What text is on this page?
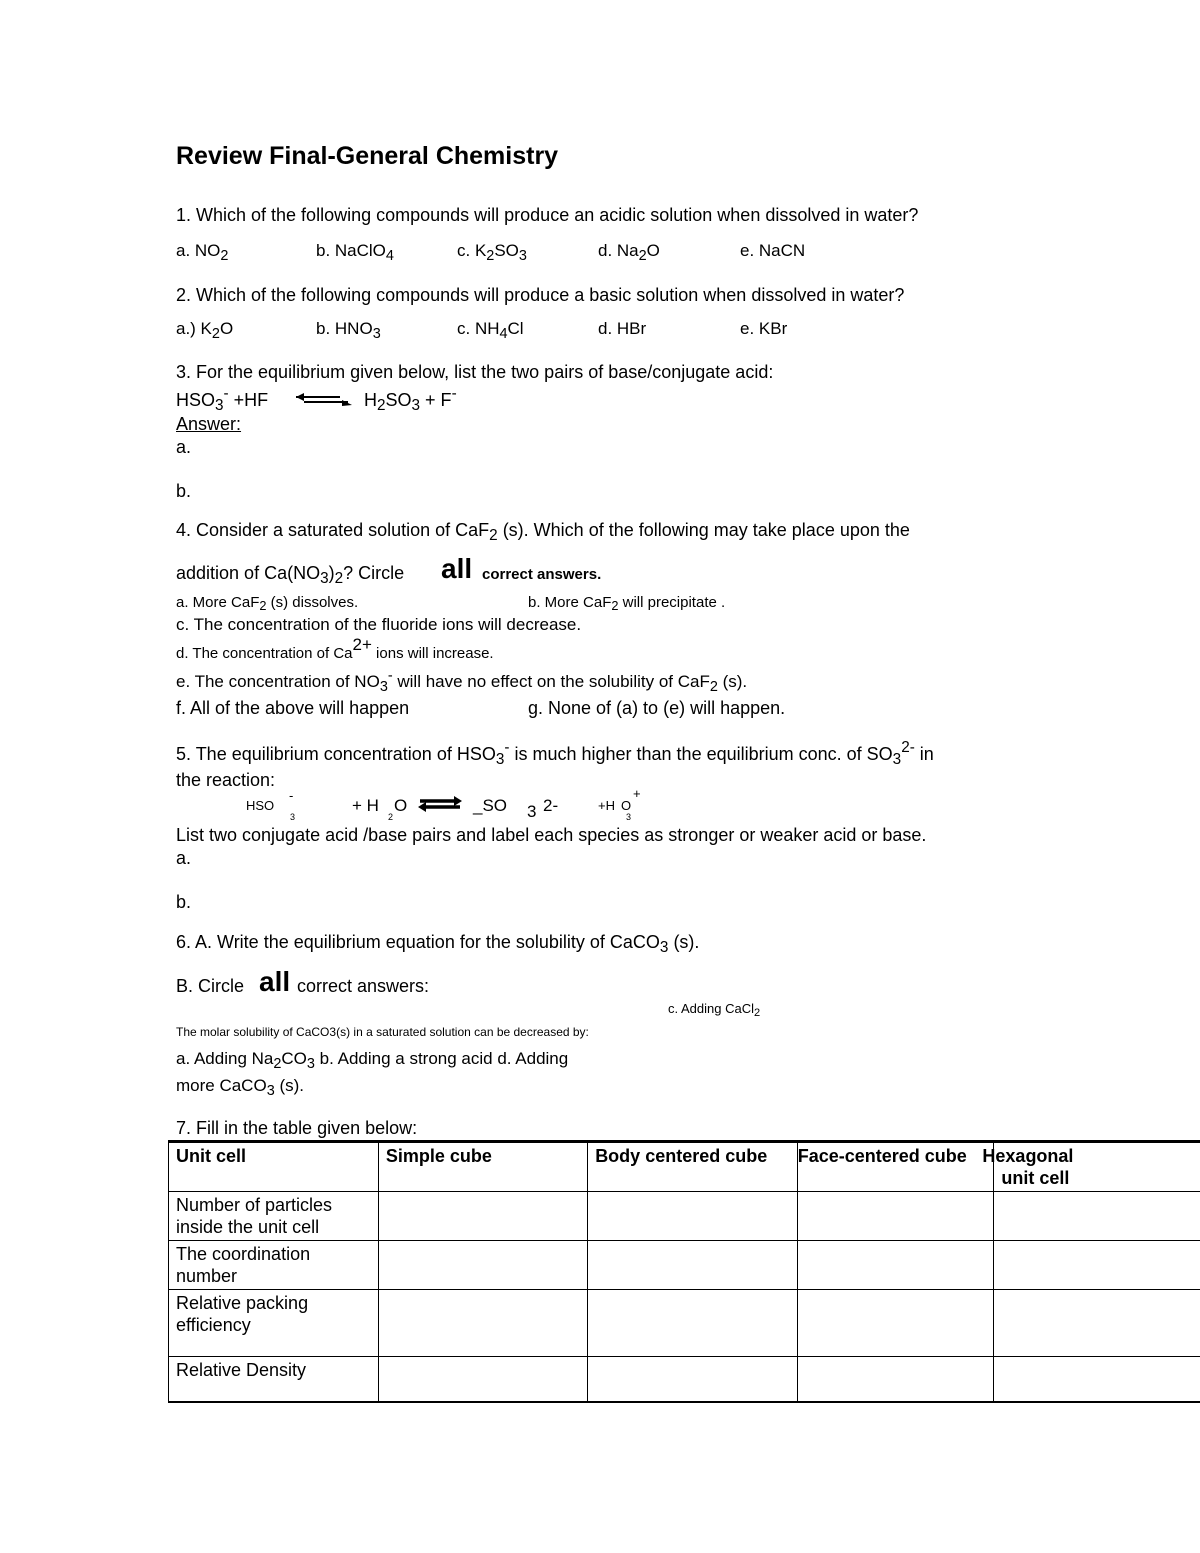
Review Final-General Chemistry
1. Which of the following compounds will produce an acidic solution when dissolved in water?
a. $NO_2$	b. NaClO$_4$	c. $K_2SO_3$	d. $Na_2O$	e. NaCN
2. Which of the following compounds will produce a basic solution when dissolved in water?
a.) $K_2O$	b. $HNO_3$	c. $NH_4Cl$	d. HBr	e. KBr
3. For the equilibrium given below, list the two pairs of base/conjugate acid:
HSO3- +HF ⇌ H2SO3 + F-
Answer:
a.
b.
4. Consider a saturated solution of CaF2 (s). Which of the following may take place upon the
addition of Ca(NO3)2? Circle all correct answers.
a. More CaF$_2$ (s) dissolves.	b. More CaF$_2$ will precipitate .
c. The concentration of the fluoride ions will decrease.
d. The concentration of Ca2+ ions will increase.
e. The concentration of $NO_3^-$ will have no effect on the solubility of CaF$_2$ (s).
f. All of the above will happen	g. None of (a) to (e) will happen.
5. The equilibrium concentration of HSO3- is much higher than the equilibrium conc. of SO32- in
the reaction:
HSO
-
3
+ H
2
O	_SO 3 2-	+H O
+
3
List two conjugate acid /base pairs and label each species as stronger or weaker acid or base.
a.
b.
6. A. Write the equilibrium equation for the solubility of CaCO3 (s).
B. Circle all correct answers:
c. Adding CaCl2
The molar solubility of CaCO3(s) in a saturated solution can be decreased by:
a. Adding $Na_2CO_3$ b. Adding a strong acid d. Adding
more CaCO$_3$ (s).
7. Fill in the table given below:
Unit cell	Simple cube	Body centered cube	Face-centered cube	Hexagonal
unit cell

Number of particles
inside the unit cell				

The coordination
number				

Relative packing
efficiency				

Relative Density				
